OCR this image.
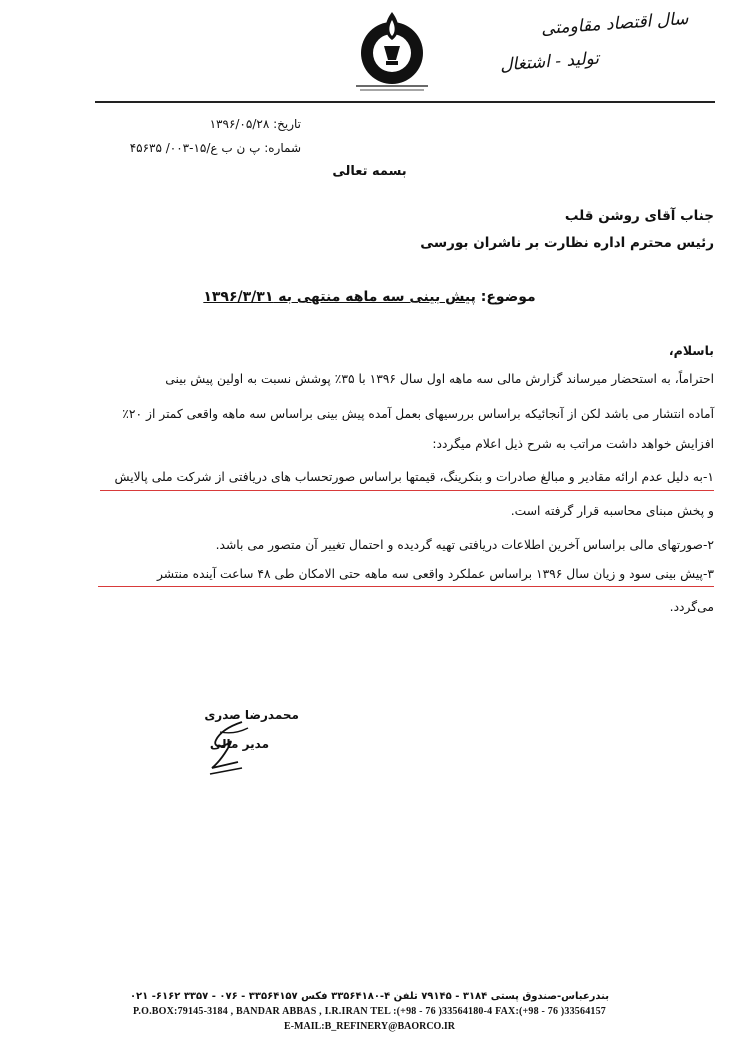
سال اقتصاد مقاومتی
تولید - اشتغال
تاریخ: ۱۳۹۶/۰۵/۲۸
شماره: پ ن ب ع/۱۵-۰۰۳/ ۴۵۶۳۵
بسمه تعالی
جناب آقای روشن قلب
رئیس محترم اداره نظارت بر ناشران بورسی
موضوع: پیش بینی سه ماهه منتهی به ۱۳۹۶/۳/۳۱
باسلام،
احتراماً، به استحضار میرساند گزارش مالی سه ماهه اول سال ۱۳۹۶ با ۳۵٪ پوشش نسبت به اولین پیش بینی
آماده انتشار می باشد لکن از آنجائیکه براساس بررسیهای بعمل آمده پیش بینی براساس سه ماهه واقعی کمتر از ۲۰٪
افزایش خواهد داشت مراتب به شرح ذیل اعلام میگردد:
۱-به دلیل عدم ارائه مقادیر و مبالغ صادرات و بنکرینگ، قیمتها براساس صورتحساب های دریافتی از شرکت ملی پالایش
و پخش مبنای محاسبه قرار گرفته است.
۲-صورتهای مالی براساس آخرین اطلاعات دریافتی تهیه گردیده و احتمال تغییر آن متصور می باشد.
۳-پیش بینی سود و زیان سال ۱۳۹۶ براساس عملکرد واقعی سه ماهه حتی الامکان طی ۴۸ ساعت آینده منتشر
می‌گردد.
محمدرضا صدری
مدیر مالی
بندرعباس-صندوق پستی ۳۱۸۴ - ۷۹۱۴۵ تلفن ۴-۳۳۵۶۴۱۸۰ فکس ۳۳۵۶۴۱۵۷ - ۰۷۶ - ۳۳۵۷ ۶۱۶۲- ۰۲۱
P.O.BOX:79145-3184 , BANDAR ABBAS , I.R.IRAN TEL :(+98 - 76 )33564180-4 FAX:(+98 - 76 )33564157
E-MAIL:B_REFINERY@BAORCO.IR
